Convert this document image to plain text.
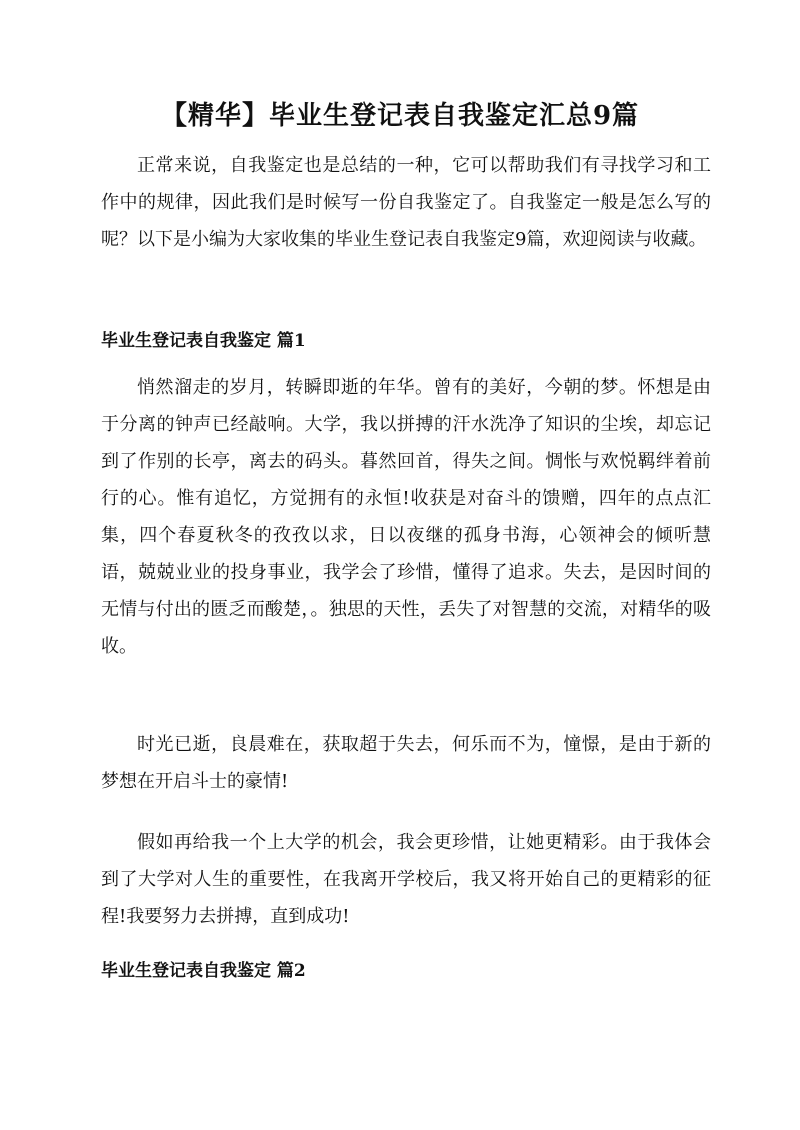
【精华】毕业生登记表自我鉴定汇总9篇

正常来说，自我鉴定也是总结的一种，它可以帮助我们有寻找学习和工作中的规律，因此我们是时候写一份自我鉴定了。自我鉴定一般是怎么写的呢？以下是小编为大家收集的毕业生登记表自我鉴定9篇，欢迎阅读与收藏。

毕业生登记表自我鉴定 篇1

悄然溜走的岁月，转瞬即逝的年华。曾有的美好，今朝的梦。怀想是由于分离的钟声已经敲响。大学，我以拼搏的汗水洗净了知识的尘埃，却忘记到了作别的长亭，离去的码头。暮然回首，得失之间。惆怅与欢悦羁绊着前行的心。惟有追忆，方觉拥有的永恒!收获是对奋斗的馈赠，四年的点点汇集，四个春夏秋冬的孜孜以求，日以夜继的孤身书海，心领神会的倾听慧语，兢兢业业的投身事业，我学会了珍惜，懂得了追求。失去，是因时间的无情与付出的匮乏而酸楚，。独思的天性，丢失了对智慧的交流，对精华的吸收。

时光已逝，良晨难在，获取超于失去，何乐而不为，憧憬，是由于新的梦想在开启斗士的豪情!

假如再给我一个上大学的机会，我会更珍惜，让她更精彩。由于我体会到了大学对人生的重要性，在我离开学校后，我又将开始自己的更精彩的征程!我要努力去拼搏，直到成功!

毕业生登记表自我鉴定 篇2
